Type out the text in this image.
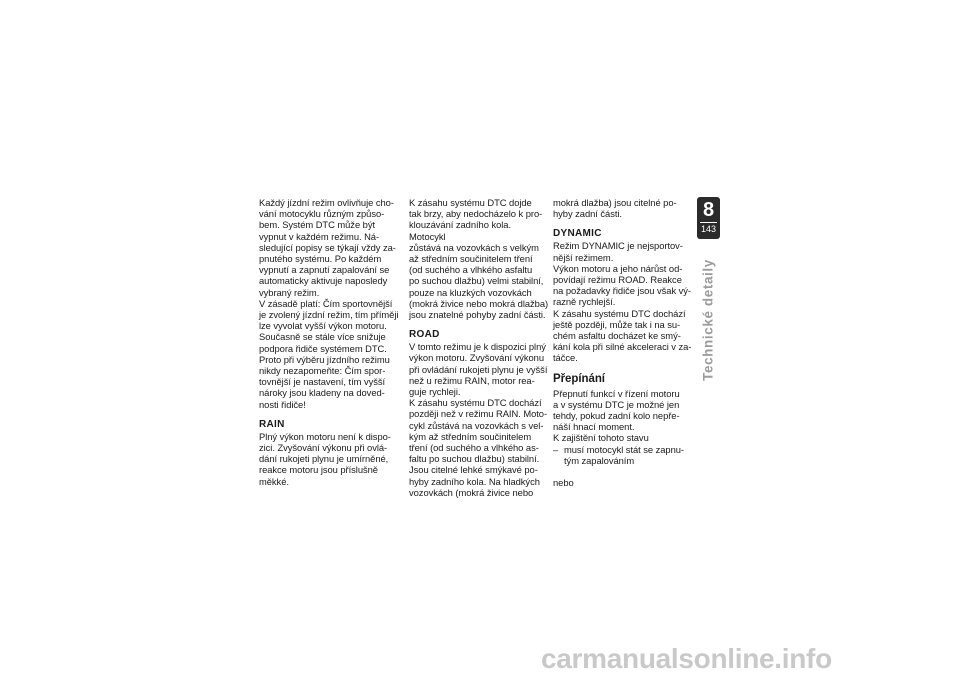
Každý jízdní režim ovlivňuje cho-
vání motocyklu různým způso-
bem. Systém DTC může být
vypnut v každém režimu. Ná-
sledující popisy se týkají vždy za-
pnutého systému. Po každém
vypnutí a zapnutí zapalování se
automaticky aktivuje naposledy
vybraný režim.

V zásadě platí: Čím sportovnější
je zvolený jízdní režim, tím příměji
lze vyvolat vyšší výkon motoru.
Současně se stále více snižuje
podpora řidiče systémem DTC.
Proto při výběru jízdního režimu
nikdy nezapomeňte: Čím spor-
tovnější je nastavení, tím vyšší
nároky jsou kladeny na doved-
nosti řidiče!

RAIN

Plný výkon motoru není k dispo-
zici. Zvyšování výkonu při ovlá-
dání rukojeti plynu je umírněné,
reakce motoru jsou příslušně
měkké.

K zásahu systému DTC dojde
tak brzy, aby nedocházelo k pro-
klouzávání zadního kola. Motocykl
zůstává na vozovkách s velkým
až středním součinitelem tření
(od suchého a vlhkého asfaltu
po suchou dlažbu) velmi stabilní,
pouze na kluzkých vozovkách
(mokrá živice nebo mokrá dlažba)
jsou znatelné pohyby zadní části.

ROAD

V tomto režimu je k dispozici plný
výkon motoru. Zvyšování výkonu
při ovládání rukojeti plynu je vyšší
než u režimu RAIN, motor rea-
guje rychleji.

K zásahu systému DTC dochází
později než v režimu RAIN. Moto-
cykl zůstává na vozovkách s vel-
kým až středním součinitelem
tření (od suchého a vlhkého as-
faltu po suchou dlažbu) stabilní.
Jsou citelné lehké smýkavé po-
hyby zadního kola. Na hladkých
vozovkách (mokrá živice nebo

mokrá dlažba) jsou citelné po-
hyby zadní části.

DYNAMIC

Režim DYNAMIC je nejsportov-
nější režimem.

Výkon motoru a jeho nárůst od-
povídají režimu ROAD. Reakce
na požadavky řidiče jsou však vý-
razně rychlejší.

K zásahu systému DTC dochází
ještě později, může tak i na su-
chém asfaltu docházet ke smý-
kání kola při silné akceleraci v za-
táčce.

Přepínání

Přepnutí funkcí v řízení motoru
a v systému DTC je možné jen
tehdy, pokud zadní kolo nepře-
náší hnací moment.

K zajištění tohoto stavu

– musí motocykl stát se zapnu-
tým zapalováním

nebo

8
143
Technické detaily
carmanualsonline.info
